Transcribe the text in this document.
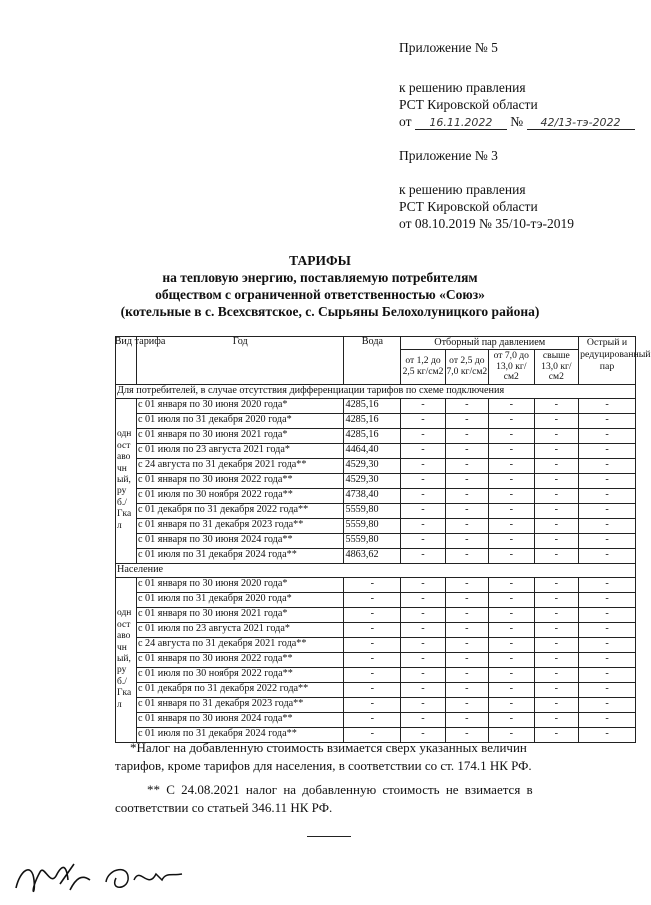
Приложение № 5
к решению правления
РСТ Кировской области
от 16.11.2022 № 42/13-тэ-2022
Приложение № 3
к решению правления
РСТ Кировской области
от 08.10.2019 № 35/10-тэ-2019
ТАРИФЫ
на тепловую энергию, поставляемую потребителям
обществом с ограниченной ответственностью «Союз»
(котельные в с. Всехсвятское, с. Сырьяны Белохолуницкого района)
Вид тарифа	Год	Вода	Отборный пар давлением				Острый и редуцированный пар
			от 1,2 до 2,5 кг/см2	от 2,5 до 7,0 кг/см2	от 7,0 до 13,0 кг/см2	свыше 13,0 кг/см2	
Для потребителей, в случае отсутствия дифференциации тарифов по схеме подключения							

одноставочный, руб./Гкал	с 01 января по 30 июня 2020 года*	4285,16	-	-	-	-	-
	с 01 июля по 31 декабря 2020 года*	4285,16	-	-	-	-	-
	с 01 января по 30 июня 2021 года*	4285,16	-	-	-	-	-
	с 01 июля по 23 августа 2021 года*	4464,40	-	-	-	-	-
	с 24 августа по 31 декабря 2021 года**	4529,30	-	-	-	-	-
	с 01 января по 30 июня 2022 года**	4529,30	-	-	-	-	-
	с 01 июля по 30 ноября 2022 года**	4738,40	-	-	-	-	-
	с 01 декабря по 31 декабря 2022 года**	5559,80	-	-	-	-	-
	с 01 января по 31 декабря 2023 года**	5559,80	-	-	-	-	-
	с 01 января по 30 июня 2024 года**	5559,80	-	-	-	-	-
	с 01 июля по 31 декабря 2024 года**	4863,62	-	-	-	-	-
Население							

одноставочный, руб./Гкал	с 01 января по 30 июня 2020 года*	-	-	-	-	-	-
	с 01 июля по 31 декабря 2020 года*	-	-	-	-	-	-
	с 01 января по 30 июня 2021 года*	-	-	-	-	-	-
	с 01 июля по 23 августа 2021 года*	-	-	-	-	-	-
	с 24 августа по 31 декабря 2021 года**	-	-	-	-	-	-
	с 01 января по 30 июня 2022 года**	-	-	-	-	-	-
	с 01 июля по 30 ноября 2022 года**	-	-	-	-	-	-
	с 01 декабря по 31 декабря 2022 года**	-	-	-	-	-	-
	с 01 января по 31 декабря 2023 года**	-	-	-	-	-	-
	с 01 января по 30 июня 2024 года**	-	-	-	-	-	-
	с 01 июля по 31 декабря 2024 года**	-	-	-	-	-	-
*Налог на добавленную стоимость взимается сверх указанных величин
тарифов, кроме тарифов для населения, в соответствии со ст. 174.1 НК РФ.
** С 24.08.2021 налог на добавленную стоимость не взимается в
соответствии со статьей 346.11 НК РФ.
